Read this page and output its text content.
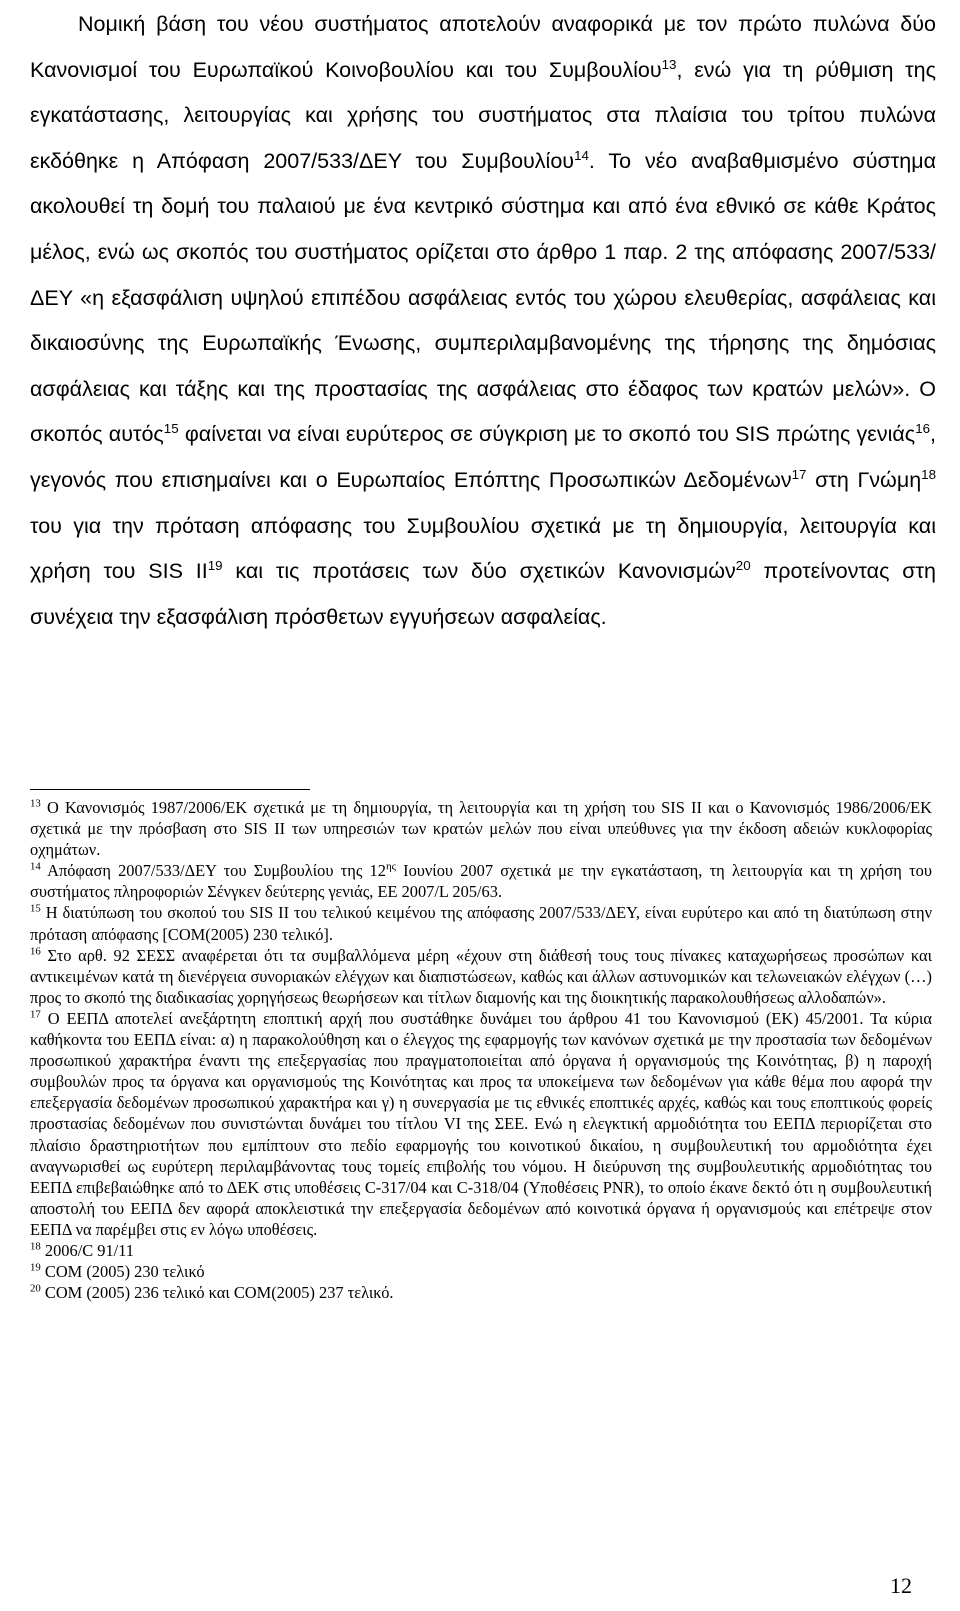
Νομική βάση του νέου συστήματος αποτελούν αναφορικά με τον πρώτο πυλώνα δύο Κανονισμοί του Ευρωπαϊκού Κοινοβουλίου και του Συμβουλίου$^{13}$, ενώ για τη ρύθμιση της εγκατάστασης, λειτουργίας και χρήσης του συστήματος στα πλαίσια του τρίτου πυλώνα εκδόθηκε η Απόφαση 2007/533/ΔΕΥ του Συμβουλίου$^{14}$. Το νέο αναβαθμισμένο σύστημα ακολουθεί τη δομή του παλαιού με ένα κεντρικό σύστημα και από ένα εθνικό σε κάθε Κράτος μέλος, ενώ ως σκοπός του συστήματος ορίζεται στο άρθρο 1 παρ. 2 της απόφασης 2007/533/ΔΕΥ «η εξασφάλιση υψηλού επιπέδου ασφάλειας εντός του χώρου ελευθερίας, ασφάλειας και δικαιοσύνης της Ευρωπαϊκής Ένωσης, συμπεριλαμβανομένης της τήρησης της δημόσιας ασφάλειας και τάξης και της προστασίας της ασφάλειας στο έδαφος των κρατών μελών». Ο σκοπός αυτός$^{15}$ φαίνεται να είναι ευρύτερος σε σύγκριση με το σκοπό του SIS πρώτης γενιάς$^{16}$, γεγονός που επισημαίνει και ο Ευρωπαίος Επόπτης Προσωπικών Δεδομένων$^{17}$ στη Γνώμη$^{18}$ του για την πρόταση απόφασης του Συμβουλίου σχετικά με τη δημιουργία, λειτουργία και χρήση του SIS II$^{19}$ και τις προτάσεις των δύο σχετικών Κανονισμών$^{20}$ προτείνοντας στη συνέχεια την εξασφάλιση πρόσθετων εγγυήσεων ασφαλείας.

$^{13}$ Ο Κανονισμός 1987/2006/ΕΚ σχετικά με τη δημιουργία, τη λειτουργία και τη χρήση του SIS II και ο Κανονισμός 1986/2006/ΕΚ σχετικά με την πρόσβαση στο SIS II των υπηρεσιών των κρατών μελών που είναι υπεύθυνες για την έκδοση αδειών κυκλοφορίας οχημάτων.

$^{14}$ Απόφαση 2007/533/ΔΕΥ του Συμβουλίου της $12^{\eta\varsigma}$ Ιουνίου 2007 σχετικά με την εγκατάσταση, τη λειτουργία και τη χρήση του συστήματος πληροφοριών Σένγκεν δεύτερης γενιάς, ΕΕ 2007/L 205/63.

$^{15}$ Η διατύπωση του σκοπού του SIS II του τελικού κειμένου της απόφασης 2007/533/ΔΕΥ, είναι ευρύτερο και από τη διατύπωση στην πρόταση απόφασης [COM(2005) 230 τελικό].

$^{16}$ Στο αρθ. 92 ΣΕΣΣ αναφέρεται ότι τα συμβαλλόμενα μέρη «έχουν στη διάθεσή τους τους πίνακες καταχωρήσεως προσώπων και αντικειμένων κατά τη διενέργεια συνοριακών ελέγχων και διαπιστώσεων, καθώς και άλλων αστυνομικών και τελωνειακών ελέγχων (…) προς το σκοπό της διαδικασίας χορηγήσεως θεωρήσεων και τίτλων διαμονής και της διοικητικής παρακολουθήσεως αλλοδαπών».

$^{17}$ Ο ΕΕΠΔ αποτελεί ανεξάρτητη εποπτική αρχή που συστάθηκε δυνάμει του άρθρου 41 του Κανονισμού (ΕΚ) 45/2001. Τα κύρια καθήκοντα του ΕΕΠΔ είναι: α) η παρακολούθηση και ο έλεγχος της εφαρμογής των κανόνων σχετικά με την προστασία των δεδομένων προσωπικού χαρακτήρα έναντι της επεξεργασίας που πραγματοποιείται από όργανα ή οργανισμούς της Κοινότητας, β) η παροχή συμβουλών προς τα όργανα και οργανισμούς της Κοινότητας και προς τα υποκείμενα των δεδομένων για κάθε θέμα που αφορά την επεξεργασία δεδομένων προσωπικού χαρακτήρα και γ) η συνεργασία με τις εθνικές εποπτικές αρχές, καθώς και τους εποπτικούς φορείς προστασίας δεδομένων που συνιστώνται δυνάμει του τίτλου VI της ΣΕΕ. Ενώ η ελεγκτική αρμοδιότητα του ΕΕΠΔ περιορίζεται στο πλαίσιο δραστηριοτήτων που εμπίπτουν στο πεδίο εφαρμογής του κοινοτικού δικαίου, η συμβουλευτική του αρμοδιότητα έχει αναγνωρισθεί ως ευρύτερη περιλαμβάνοντας τους τομείς επιβολής του νόμου. Η διεύρυνση της συμβουλευτικής αρμοδιότητας του ΕΕΠΔ επιβεβαιώθηκε από το ΔΕΚ στις υποθέσεις C-317/04 και C-318/04 (Υποθέσεις PNR), το οποίο έκανε δεκτό ότι η συμβουλευτική αποστολή του ΕΕΠΔ δεν αφορά αποκλειστικά την επεξεργασία δεδομένων από κοινοτικά όργανα ή οργανισμούς και επέτρεψε στον ΕΕΠΔ να παρέμβει στις εν λόγω υποθέσεις.

$^{18}$ 2006/C 91/11

$^{19}$ COM (2005) 230 τελικό

$^{20}$ COM (2005) 236 τελικό και COM(2005) 237 τελικό.

12
